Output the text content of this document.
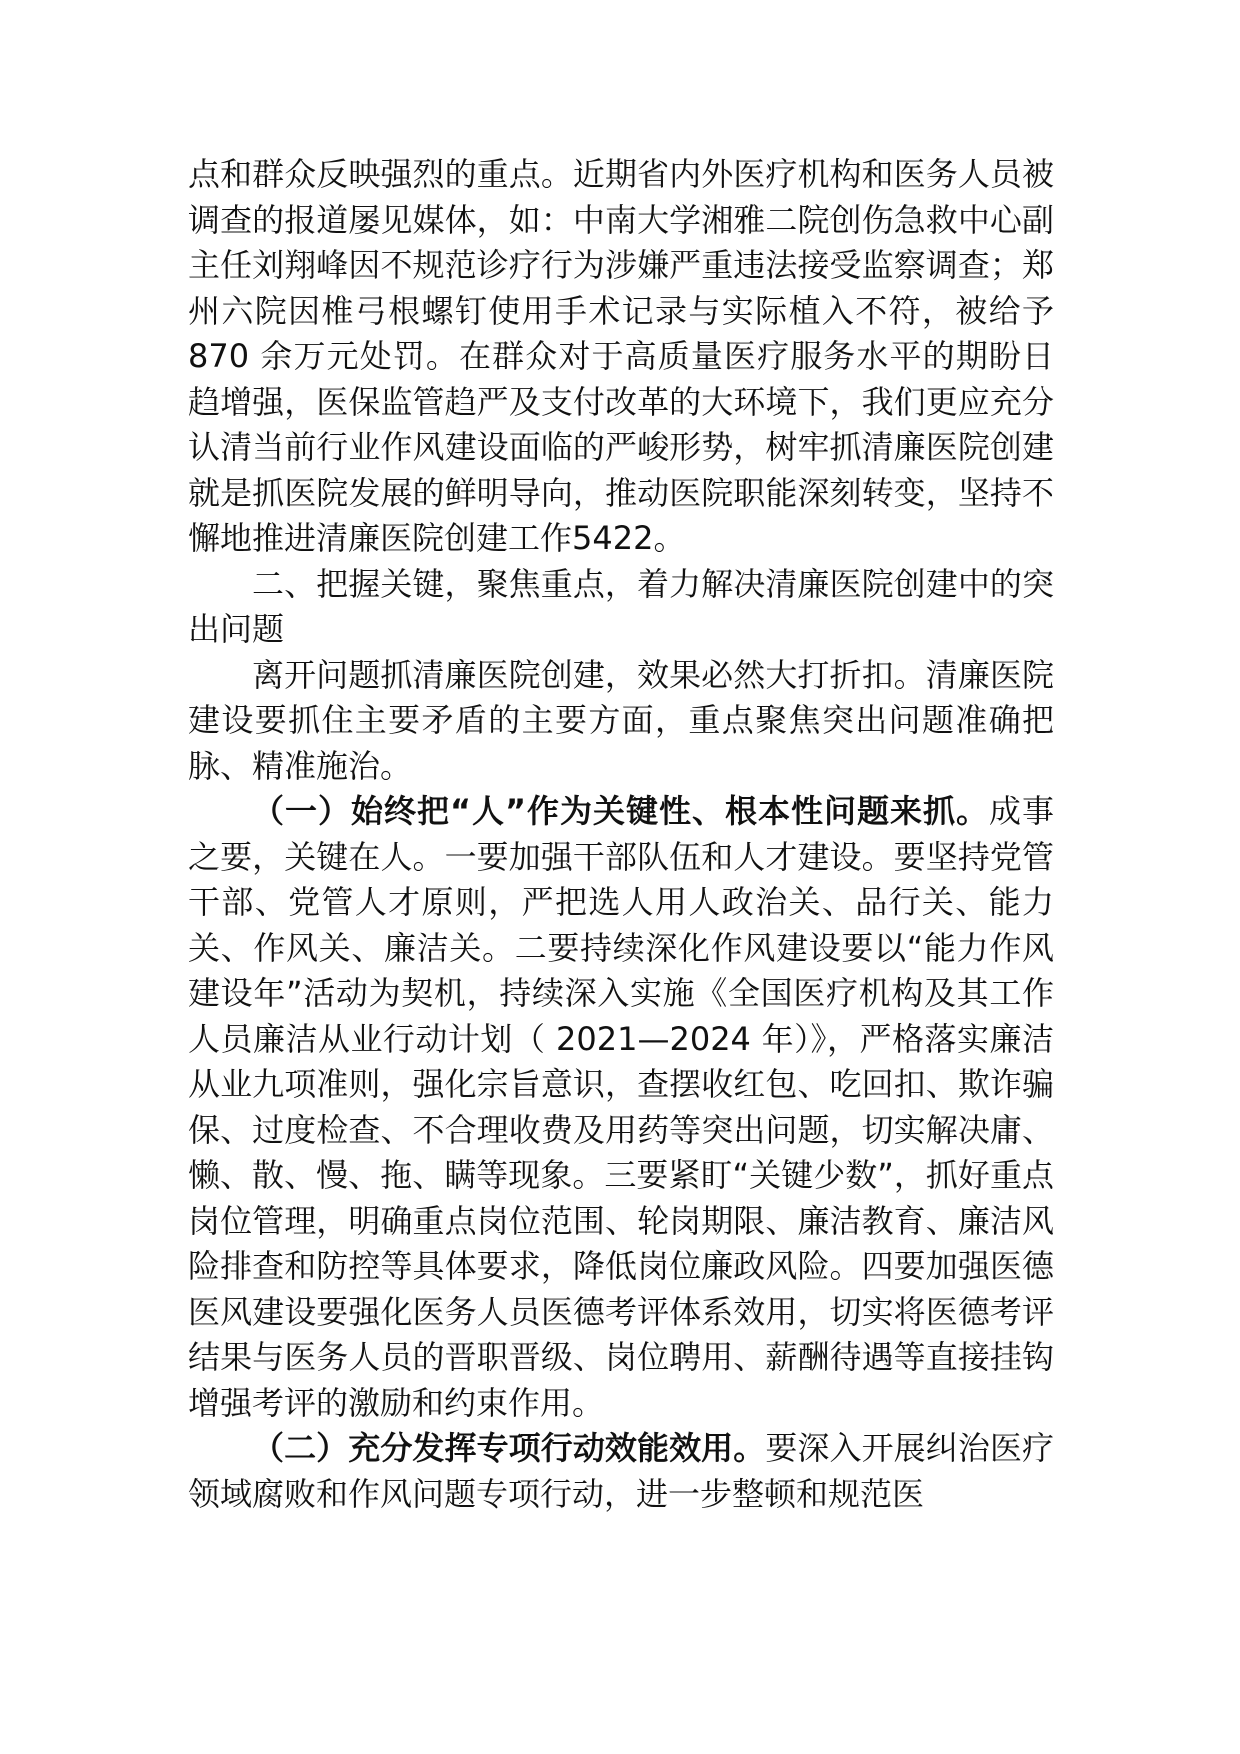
点和群众反映强烈的重点。近期省内外医疗机构和医务人员被调查的报道屡见媒体，如：中南大学湘雅二院创伤急救中心副主任刘翔峰因不规范诊疗行为涉嫌严重违法接受监察调查；郑州六院因椎弓根螺钉使用手术记录与实际植入不符，被给予 870 余万元处罚。在群众对于高质量医疗服务水平的期盼日趋增强，医保监管趋严及支付改革的大环境下，我们更应充分认清当前行业作风建设面临的严峻形势，树牢抓清廉医院创建就是抓医院发展的鲜明导向，推动医院职能深刻转变，坚持不懈地推进清廉医院创建工作5422。

二、把握关键，聚焦重点，着力解决清廉医院创建中的突出问题

离开问题抓清廉医院创建，效果必然大打折扣。清廉医院建设要抓住主要矛盾的主要方面，重点聚焦突出问题准确把脉、精准施治。

（一）始终把“人”作为关键性、根本性问题来抓。成事之要，关键在人。一要加强干部队伍和人才建设。要坚持党管干部、党管人才原则，严把选人用人政治关、品行关、能力关、作风关、廉洁关。二要持续深化作风建设要以“能力作风建设年”活动为契机，持续深入实施《全国医疗机构及其工作人员廉洁从业行动计划（ 2021—2024 年）》，严格落实廉洁从业九项准则，强化宗旨意识，查摆收红包、吃回扣、欺诈骗保、过度检查、不合理收费及用药等突出问题，切实解决庸、懒、散、慢、拖、瞒等现象。三要紧盯“关键少数”，抓好重点岗位管理，明确重点岗位范围、轮岗期限、廉洁教育、廉洁风险排查和防控等具体要求，降低岗位廉政风险。四要加强医德医风建设要强化医务人员医德考评体系效用，切实将医德考评结果与医务人员的晋职晋级、岗位聘用、薪酬待遇等直接挂钩增强考评的激励和约束作用。

（二）充分发挥专项行动效能效用。要深入开展纠治医疗领域腐败和作风问题专项行动，进一步整顿和规范医
